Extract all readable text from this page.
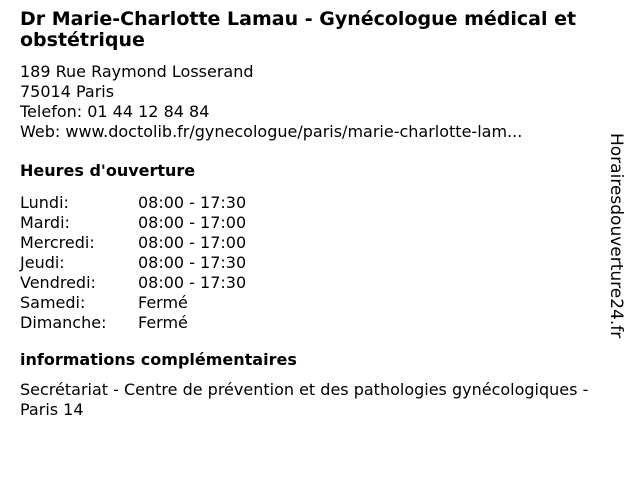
Dr Marie-Charlotte Lamau - Gynécologue médical et obstétrique
189 Rue Raymond Losserand
75014 Paris
Telefon: 01 44 12 84 84
Web: www.doctolib.fr/gynecologue/paris/marie-charlotte-lam...
Heures d'ouverture
Lundi:	08:00 - 17:30
Mardi:	08:00 - 17:00
Mercredi:	08:00 - 17:00
Jeudi:	08:00 - 17:30
Vendredi:	08:00 - 17:30
Samedi:	Fermé
Dimanche:	Fermé
informations complémentaires
Secrétariat - Centre de prévention et des pathologies gynécologiques - Paris 14
Horairesdouverture24.fr
